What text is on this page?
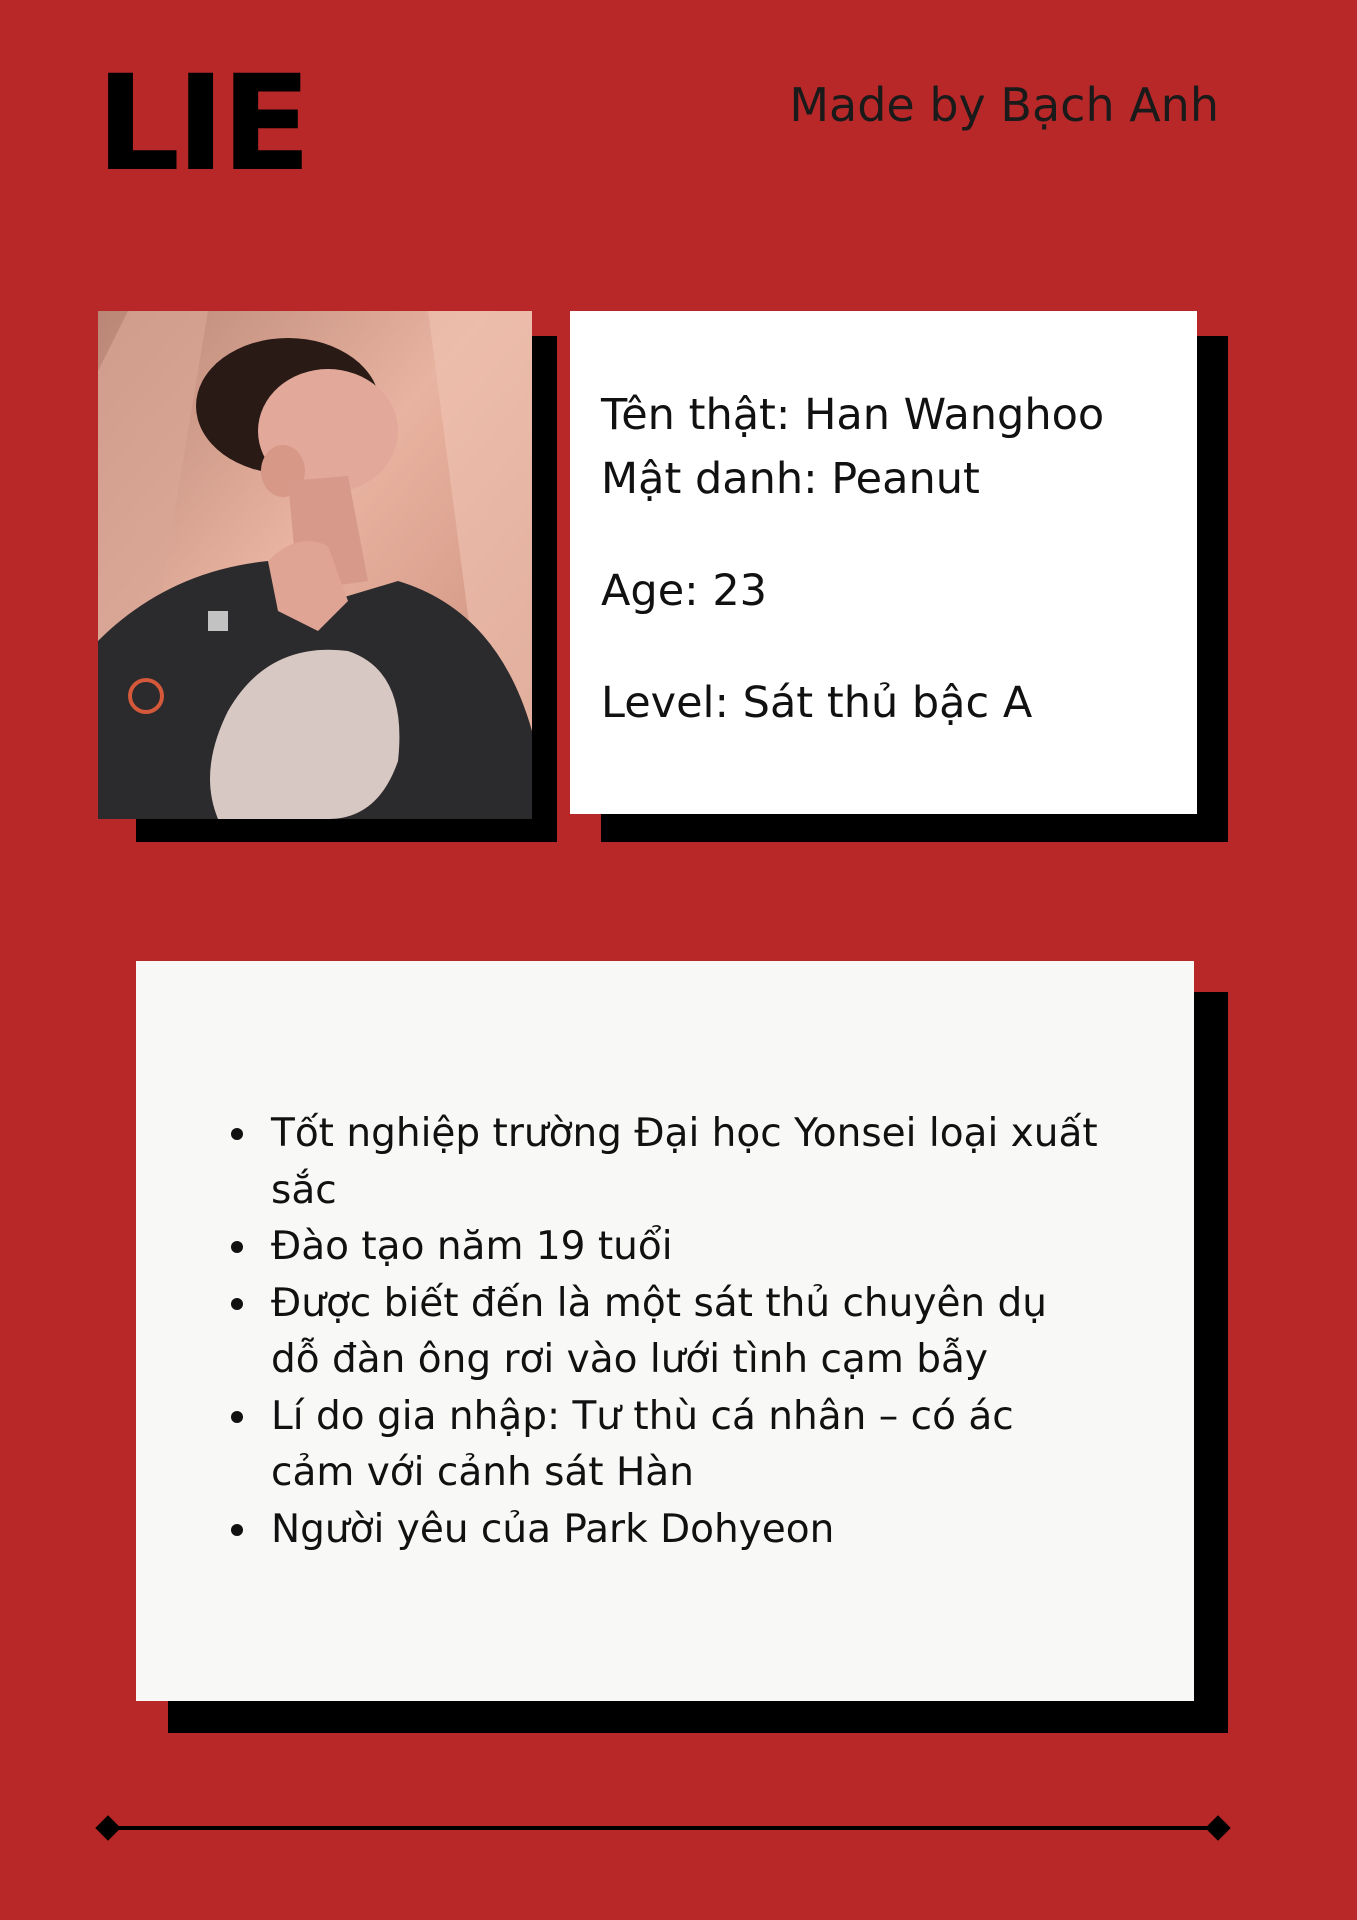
LIE	Made by Bạch Anh

Tên thật: Han Wanghoo

Mật danh: Peanut

Age: 23

Level: Sát thủ bậc A

Tốt nghiệp trường Đại học Yonsei loại xuất sắc
Đào tạo năm 19 tuổi
Được biết đến là một sát thủ chuyên dụ dỗ đàn ông rơi vào lưới tình cạm bẫy
Lí do gia nhập: Tư thù cá nhân – có ác cảm với cảnh sát Hàn
Người yêu của Park Dohyeon
